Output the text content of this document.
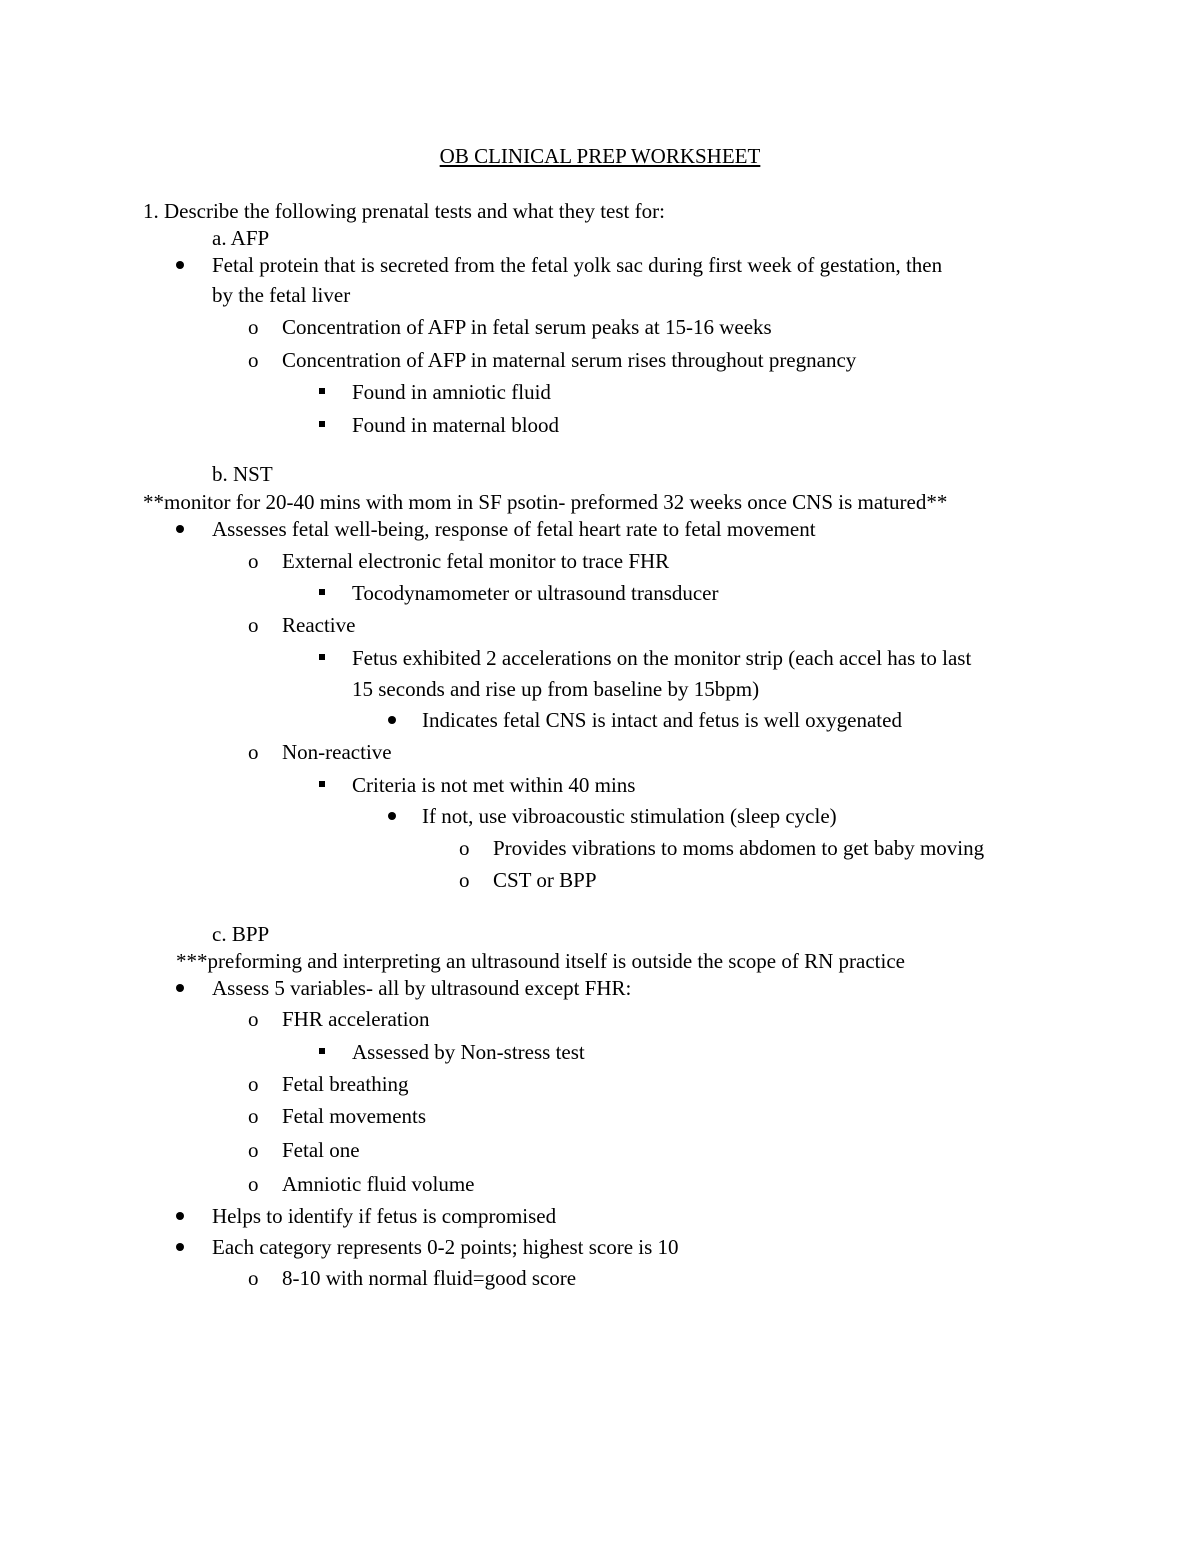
OB CLINICAL PREP WORKSHEET
1. Describe the following prenatal tests and what they test for:
a. AFP
Fetal protein that is secreted from the fetal yolk sac during first week of gestation, then
by the fetal liver
o Concentration of AFP in fetal serum peaks at 15-16 weeks
o Concentration of AFP in maternal serum rises throughout pregnancy
Found in amniotic fluid
Found in maternal blood
b. NST
**monitor for 20-40 mins with mom in SF psotin- preformed 32 weeks once CNS is matured**
Assesses fetal well-being, response of fetal heart rate to fetal movement
o External electronic fetal monitor to trace FHR
Tocodynamometer or ultrasound transducer
o Reactive
Fetus exhibited 2 accelerations on the monitor strip (each accel has to last
15 seconds and rise up from baseline by 15bpm)
Indicates fetal CNS is intact and fetus is well oxygenated
o Non-reactive
Criteria is not met within 40 mins
If not, use vibroacoustic stimulation (sleep cycle)
o Provides vibrations to moms abdomen to get baby moving
o CST or BPP
c. BPP
***preforming and interpreting an ultrasound itself is outside the scope of RN practice
Assess 5 variables- all by ultrasound except FHR:
o FHR acceleration
Assessed by Non-stress test
o Fetal breathing
o Fetal movements
o Fetal one
o Amniotic fluid volume
Helps to identify if fetus is compromised
Each category represents 0-2 points; highest score is 10
o 8-10 with normal fluid=good score
